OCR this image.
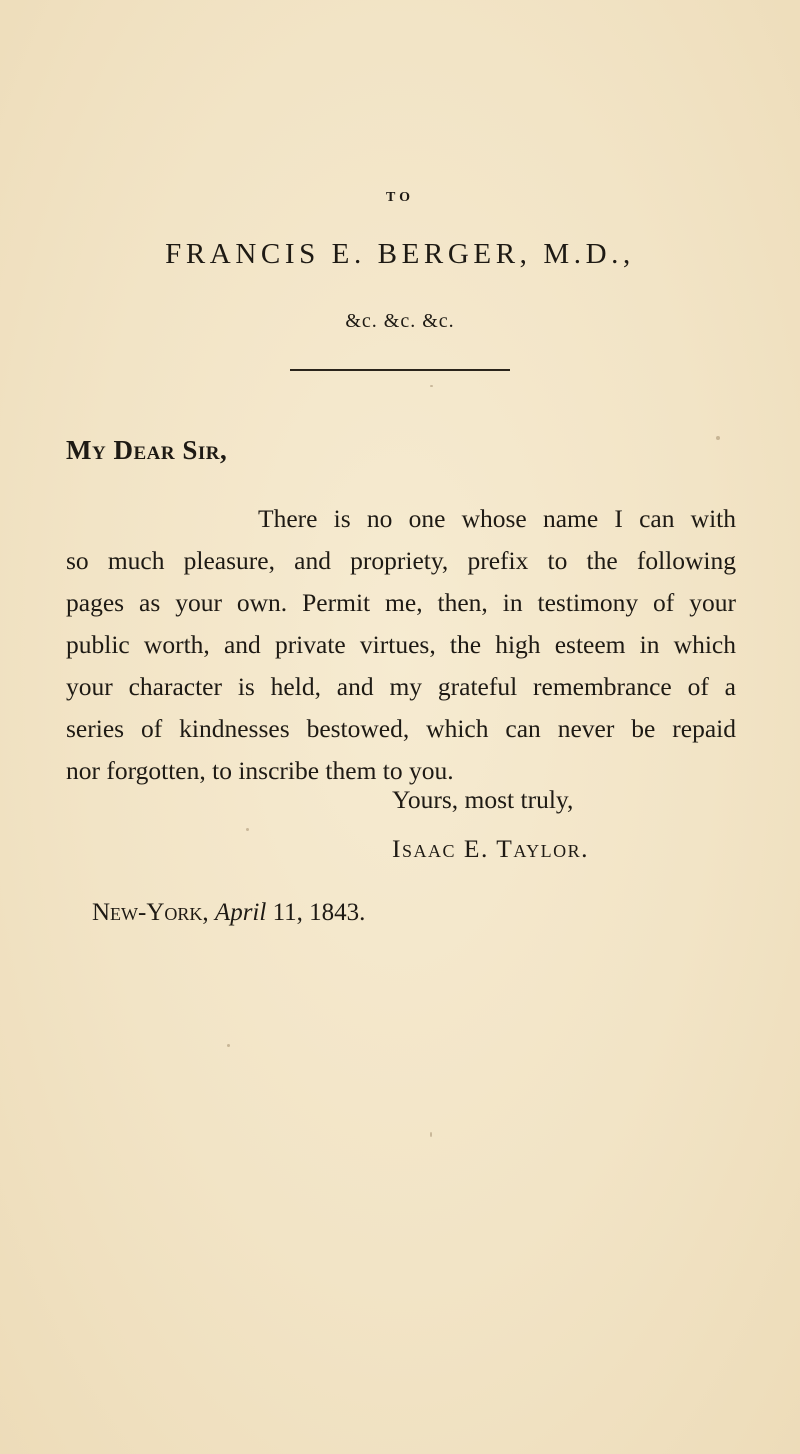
TO
FRANCIS E. BERGER, M.D.,
&c. &c. &c.
My Dear Sir,
There is no one whose name I can with
so much pleasure, and propriety, prefix to the following
pages as your own. Permit me, then, in testimony of your
public worth, and private virtues, the high esteem in which
your character is held, and my grateful remembrance of a
series of kindnesses bestowed, which can never be repaid
nor forgotten, to inscribe them to you.
Yours, most truly,
Isaac E. Taylor.
New-York, April 11, 1843.
